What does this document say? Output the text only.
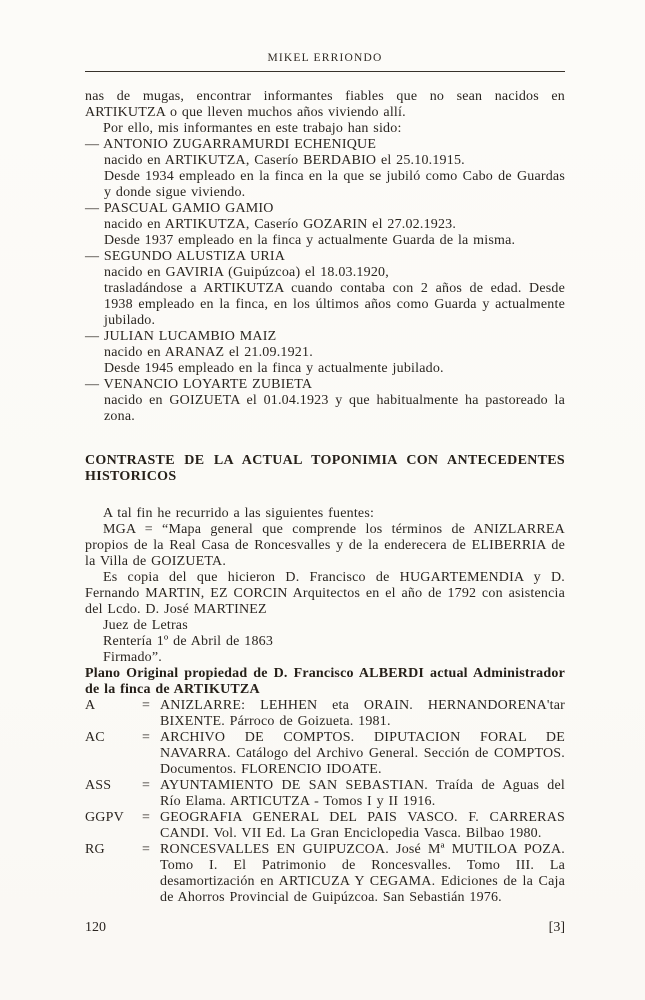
MIKEL ERRIONDO
nas de mugas, encontrar informantes fiables que no sean nacidos en ARTIKUTZA o que lleven muchos años viviendo allí.
Por ello, mis informantes en este trabajo han sido:
— ANTONIO ZUGARRAMURDI ECHENIQUE
nacido en ARTIKUTZA, Caserío BERDABIO el 25.10.1915.
Desde 1934 empleado en la finca en la que se jubiló como Cabo de Guardas y donde sigue viviendo.
— PASCUAL GAMIO GAMIO
nacido en ARTIKUTZA, Caserío GOZARIN el 27.02.1923.
Desde 1937 empleado en la finca y actualmente Guarda de la misma.
— SEGUNDO ALUSTIZA URIA
nacido en GAVIRIA (Guipúzcoa) el 18.03.1920,
trasladándose a ARTIKUTZA cuando contaba con 2 años de edad. Desde 1938 empleado en la finca, en los últimos años como Guarda y actualmente jubilado.
— JULIAN LUCAMBIO MAIZ
nacido en ARANAZ el 21.09.1921.
Desde 1945 empleado en la finca y actualmente jubilado.
— VENANCIO LOYARTE ZUBIETA
nacido en GOIZUETA el 01.04.1923 y que habitualmente ha pastoreado la zona.
CONTRASTE DE LA ACTUAL TOPONIMIA CON ANTECEDENTES HISTORICOS
A tal fin he recurrido a las siguientes fuentes:
MGA = “Mapa general que comprende los términos de ANIZLARREA propios de la Real Casa de Roncesvalles y de la enderecera de ELIBERRIA de la Villa de GOIZUETA.
Es copia del que hicieron D. Francisco de HUGARTEMENDIA y D. Fernando MARTIN, EZ CORCIN Arquitectos en el año de 1792 con asistencia del Lcdo. D. José MARTINEZ
Juez de Letras
Rentería 1º de Abril de 1863
Firmado”.
Plano Original propiedad de D. Francisco ALBERDI actual Administrador de la finca de ARTIKUTZA
A	= ANIZLARRE: LEHHEN eta ORAIN. HERNANDORENA'tar BIXENTE. Párroco de Goizueta. 1981.
AC	= ARCHIVO DE COMPTOS. DIPUTACION FORAL DE NAVARRA. Catálogo del Archivo General. Sección de COMPTOS. Documentos. FLORENCIO IDOATE.
ASS	= AYUNTAMIENTO DE SAN SEBASTIAN. Traída de Aguas del Río Elama. ARTICUTZA - Tomos I y II 1916.
GGPV	= GEOGRAFIA GENERAL DEL PAIS VASCO. F. CARRERAS CANDI. Vol. VII Ed. La Gran Enciclopedia Vasca. Bilbao 1980.
RG	= RONCESVALLES EN GUIPUZCOA. José Mª MUTILOA POZA. Tomo I. El Patrimonio de Roncesvalles. Tomo III. La desamortización en ARTICUZA Y CEGAMA. Ediciones de la Caja de Ahorros Provincial de Guipúzcoa. San Sebastián 1976.
120	[3]
